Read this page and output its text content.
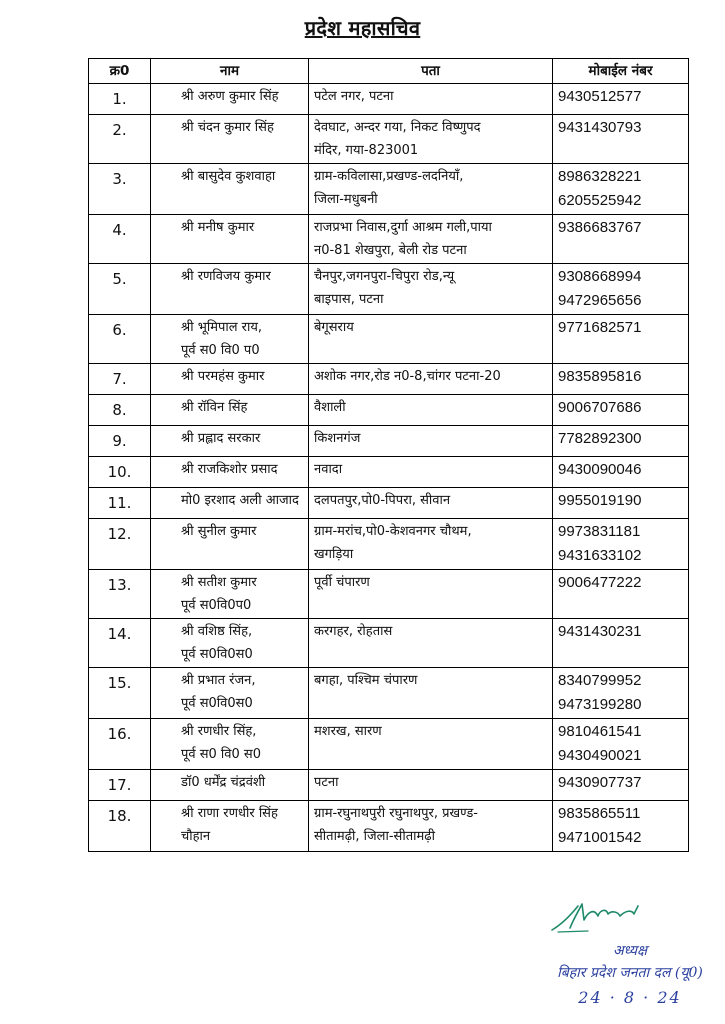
प्रदेश महासचिव
क्र0	नाम	पता	मोबाईल नंबर
1.	श्री अरुण कुमार सिंह	पटेल नगर, पटना	9430512577

2.	श्री चंदन कुमार सिंह	देवघाट, अन्दर गया, निकट विष्णुपद
मंदिर, गया-823001	9431430793

3.	श्री बासुदेव कुशवाहा	ग्राम-कविलासा,प्रखण्ड-लदनियाँ,
जिला-मधुबनी	8986328221
6205525942

4.	श्री मनीष कुमार	राजप्रभा निवास,दुर्गा आश्रम गली,पाया
न0-81 शेखपुरा, बेली रोड पटना	9386683767

5.	श्री रणविजय कुमार	चैनपुर,जगनपुरा-चिपुरा रोड,न्यू
बाइपास, पटना	9308668994
9472965656

6.	श्री भूमिपाल राय,
पूर्व स0 वि0 प0	बेगूसराय	9771682571

7.	श्री परमहंस कुमार	अशोक नगर,रोड न0-8,चांगर पटना-20	9835895816

8.	श्री रॉविन सिंह	वैशाली	9006707686

9.	श्री प्रह्लाद सरकार	किशनगंज	7782892300

10.	श्री राजकिशोर प्रसाद	नवादा	9430090046

11.	मो0 इरशाद अली आजाद	दलपतपुर,पो0-पिपरा, सीवान	9955019190

12.	श्री सुनील कुमार	ग्राम-मरांच,पो0-केशवनगर चौथम,
खगड़िया	9973831181
9431633102

13.	श्री सतीश कुमार
पूर्व स0वि0प0	पूर्वी चंपारण	9006477222

14.	श्री वशिष्ठ सिंह,
पूर्व स0वि0स0	करगहर, रोहतास	9431430231

15.	श्री प्रभात रंजन,
पूर्व स0वि0स0	बगहा, पश्चिम चंपारण	8340799952
9473199280

16.	श्री रणधीर सिंह,
पूर्व स0 वि0 स0	मशरख, सारण	9810461541
9430490021

17.	डॉ0 धर्मेंद्र चंद्रवंशी	पटना	9430907737

18.	श्री राणा रणधीर सिंह
चौहान	ग्राम-रघुनाथपुरी रघुनाथपुर, प्रखण्ड-
सीतामढ़ी, जिला-सीतामढ़ी	9835865511
9471001542
अध्यक्ष
बिहार प्रदेश जनता दल (यू0)
24 · 8 · 24
